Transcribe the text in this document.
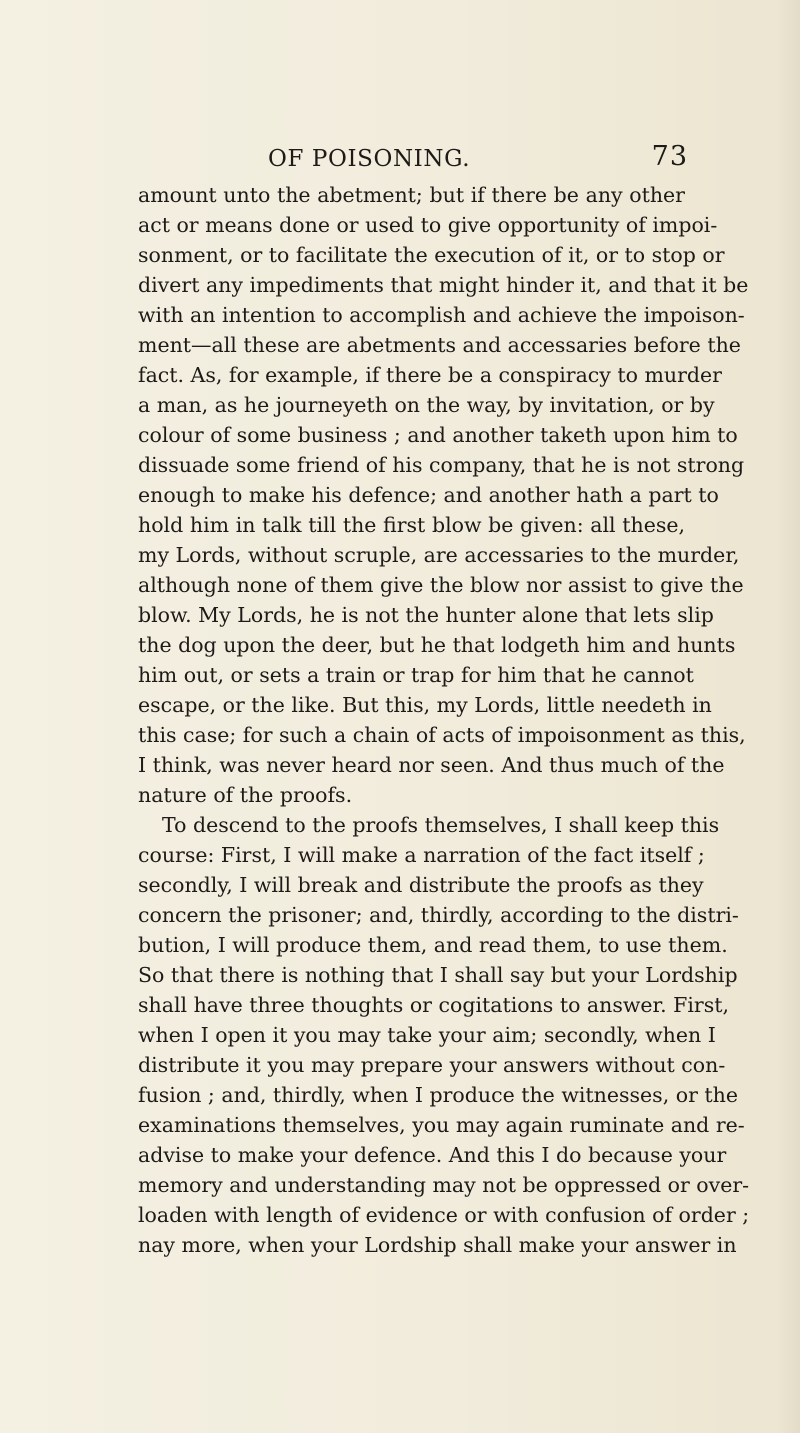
OF POISONING.	73
amount unto the abetment; but if there be any other
act or means done or used to give opportunity of impoi-
sonment, or to facilitate the execution of it, or to stop or
divert any impediments that might hinder it, and that it be
with an intention to accomplish and achieve the impoison-
ment—all these are abetments and accessaries before the
fact. As, for example, if there be a conspiracy to murder
a man, as he journeyeth on the way, by invitation, or by
colour of some business ; and another taketh upon him to
dissuade some friend of his company, that he is not strong
enough to make his defence; and another hath a part to
hold him in talk till the first blow be given: all these,
my Lords, without scruple, are accessaries to the murder,
although none of them give the blow nor assist to give the
blow. My Lords, he is not the hunter alone that lets slip
the dog upon the deer, but he that lodgeth him and hunts
him out, or sets a train or trap for him that he cannot
escape, or the like. But this, my Lords, little needeth in
this case; for such a chain of acts of impoisonment as this,
I think, was never heard nor seen. And thus much of the
nature of the proofs.
To descend to the proofs themselves, I shall keep this
course: First, I will make a narration of the fact itself ;
secondly, I will break and distribute the proofs as they
concern the prisoner; and, thirdly, according to the distri-
bution, I will produce them, and read them, to use them.
So that there is nothing that I shall say but your Lordship
shall have three thoughts or cogitations to answer. First,
when I open it you may take your aim; secondly, when I
distribute it you may prepare your answers without con-
fusion ; and, thirdly, when I produce the witnesses, or the
examinations themselves, you may again ruminate and re-
advise to make your defence. And this I do because your
memory and understanding may not be oppressed or over-
loaden with length of evidence or with confusion of order ;
nay more, when your Lordship shall make your answer in
